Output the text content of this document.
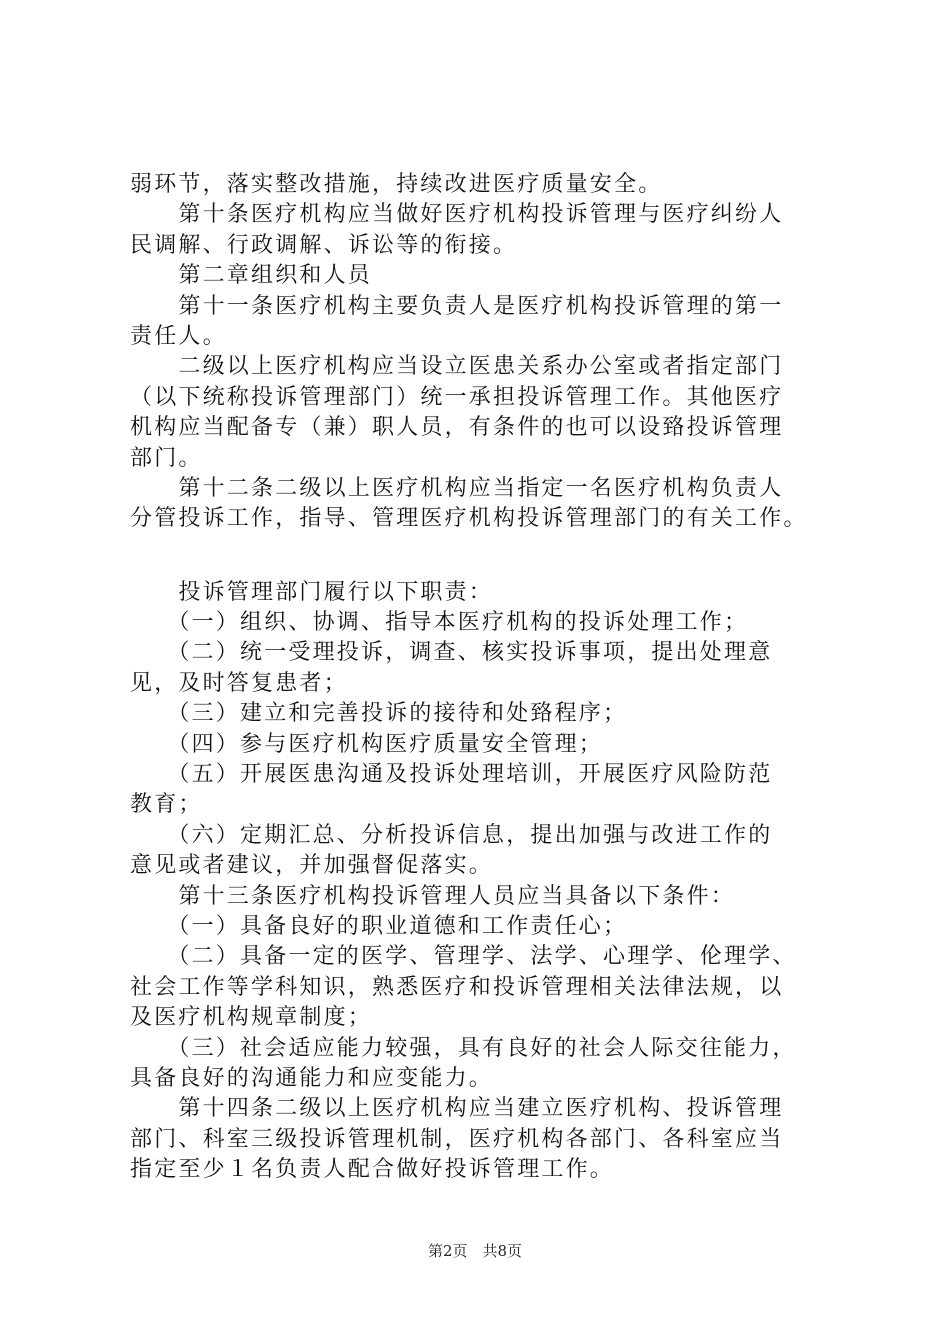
弱环节，落实整改措施，持续改进医疗质量安全。
　　第十条医疗机构应当做好医疗机构投诉管理与医疗纠纷人
民调解、行政调解、诉讼等的衔接。
　　第二章组织和人员
　　第十一条医疗机构主要负责人是医疗机构投诉管理的第一
责任人。
　　二级以上医疗机构应当设立医患关系办公室或者指定部门
（以下统称投诉管理部门）统一承担投诉管理工作。其他医疗
机构应当配备专（兼）职人员，有条件的也可以设臵投诉管理
部门。
　　第十二条二级以上医疗机构应当指定一名医疗机构负责人
分管投诉工作，指导、管理医疗机构投诉管理部门的有关工作。
　　投诉管理部门履行以下职责：
　　（一）组织、协调、指导本医疗机构的投诉处理工作；
　　（二）统一受理投诉，调查、核实投诉事项，提出处理意
见，及时答复患者；
　　（三）建立和完善投诉的接待和处臵程序；
　　（四）参与医疗机构医疗质量安全管理；
　　（五）开展医患沟通及投诉处理培训，开展医疗风险防范
教育；
　　（六）定期汇总、分析投诉信息，提出加强与改进工作的
意见或者建议，并加强督促落实。
　　第十三条医疗机构投诉管理人员应当具备以下条件：
　　（一）具备良好的职业道德和工作责任心；
　　（二）具备一定的医学、管理学、法学、心理学、伦理学、
社会工作等学科知识，熟悉医疗和投诉管理相关法律法规，以
及医疗机构规章制度；
　　（三）社会适应能力较强，具有良好的社会人际交往能力，
具备良好的沟通能力和应变能力。
　　第十四条二级以上医疗机构应当建立医疗机构、投诉管理
部门、科室三级投诉管理机制，医疗机构各部门、各科室应当
指定至少１名负责人配合做好投诉管理工作。
第2页　共8页
